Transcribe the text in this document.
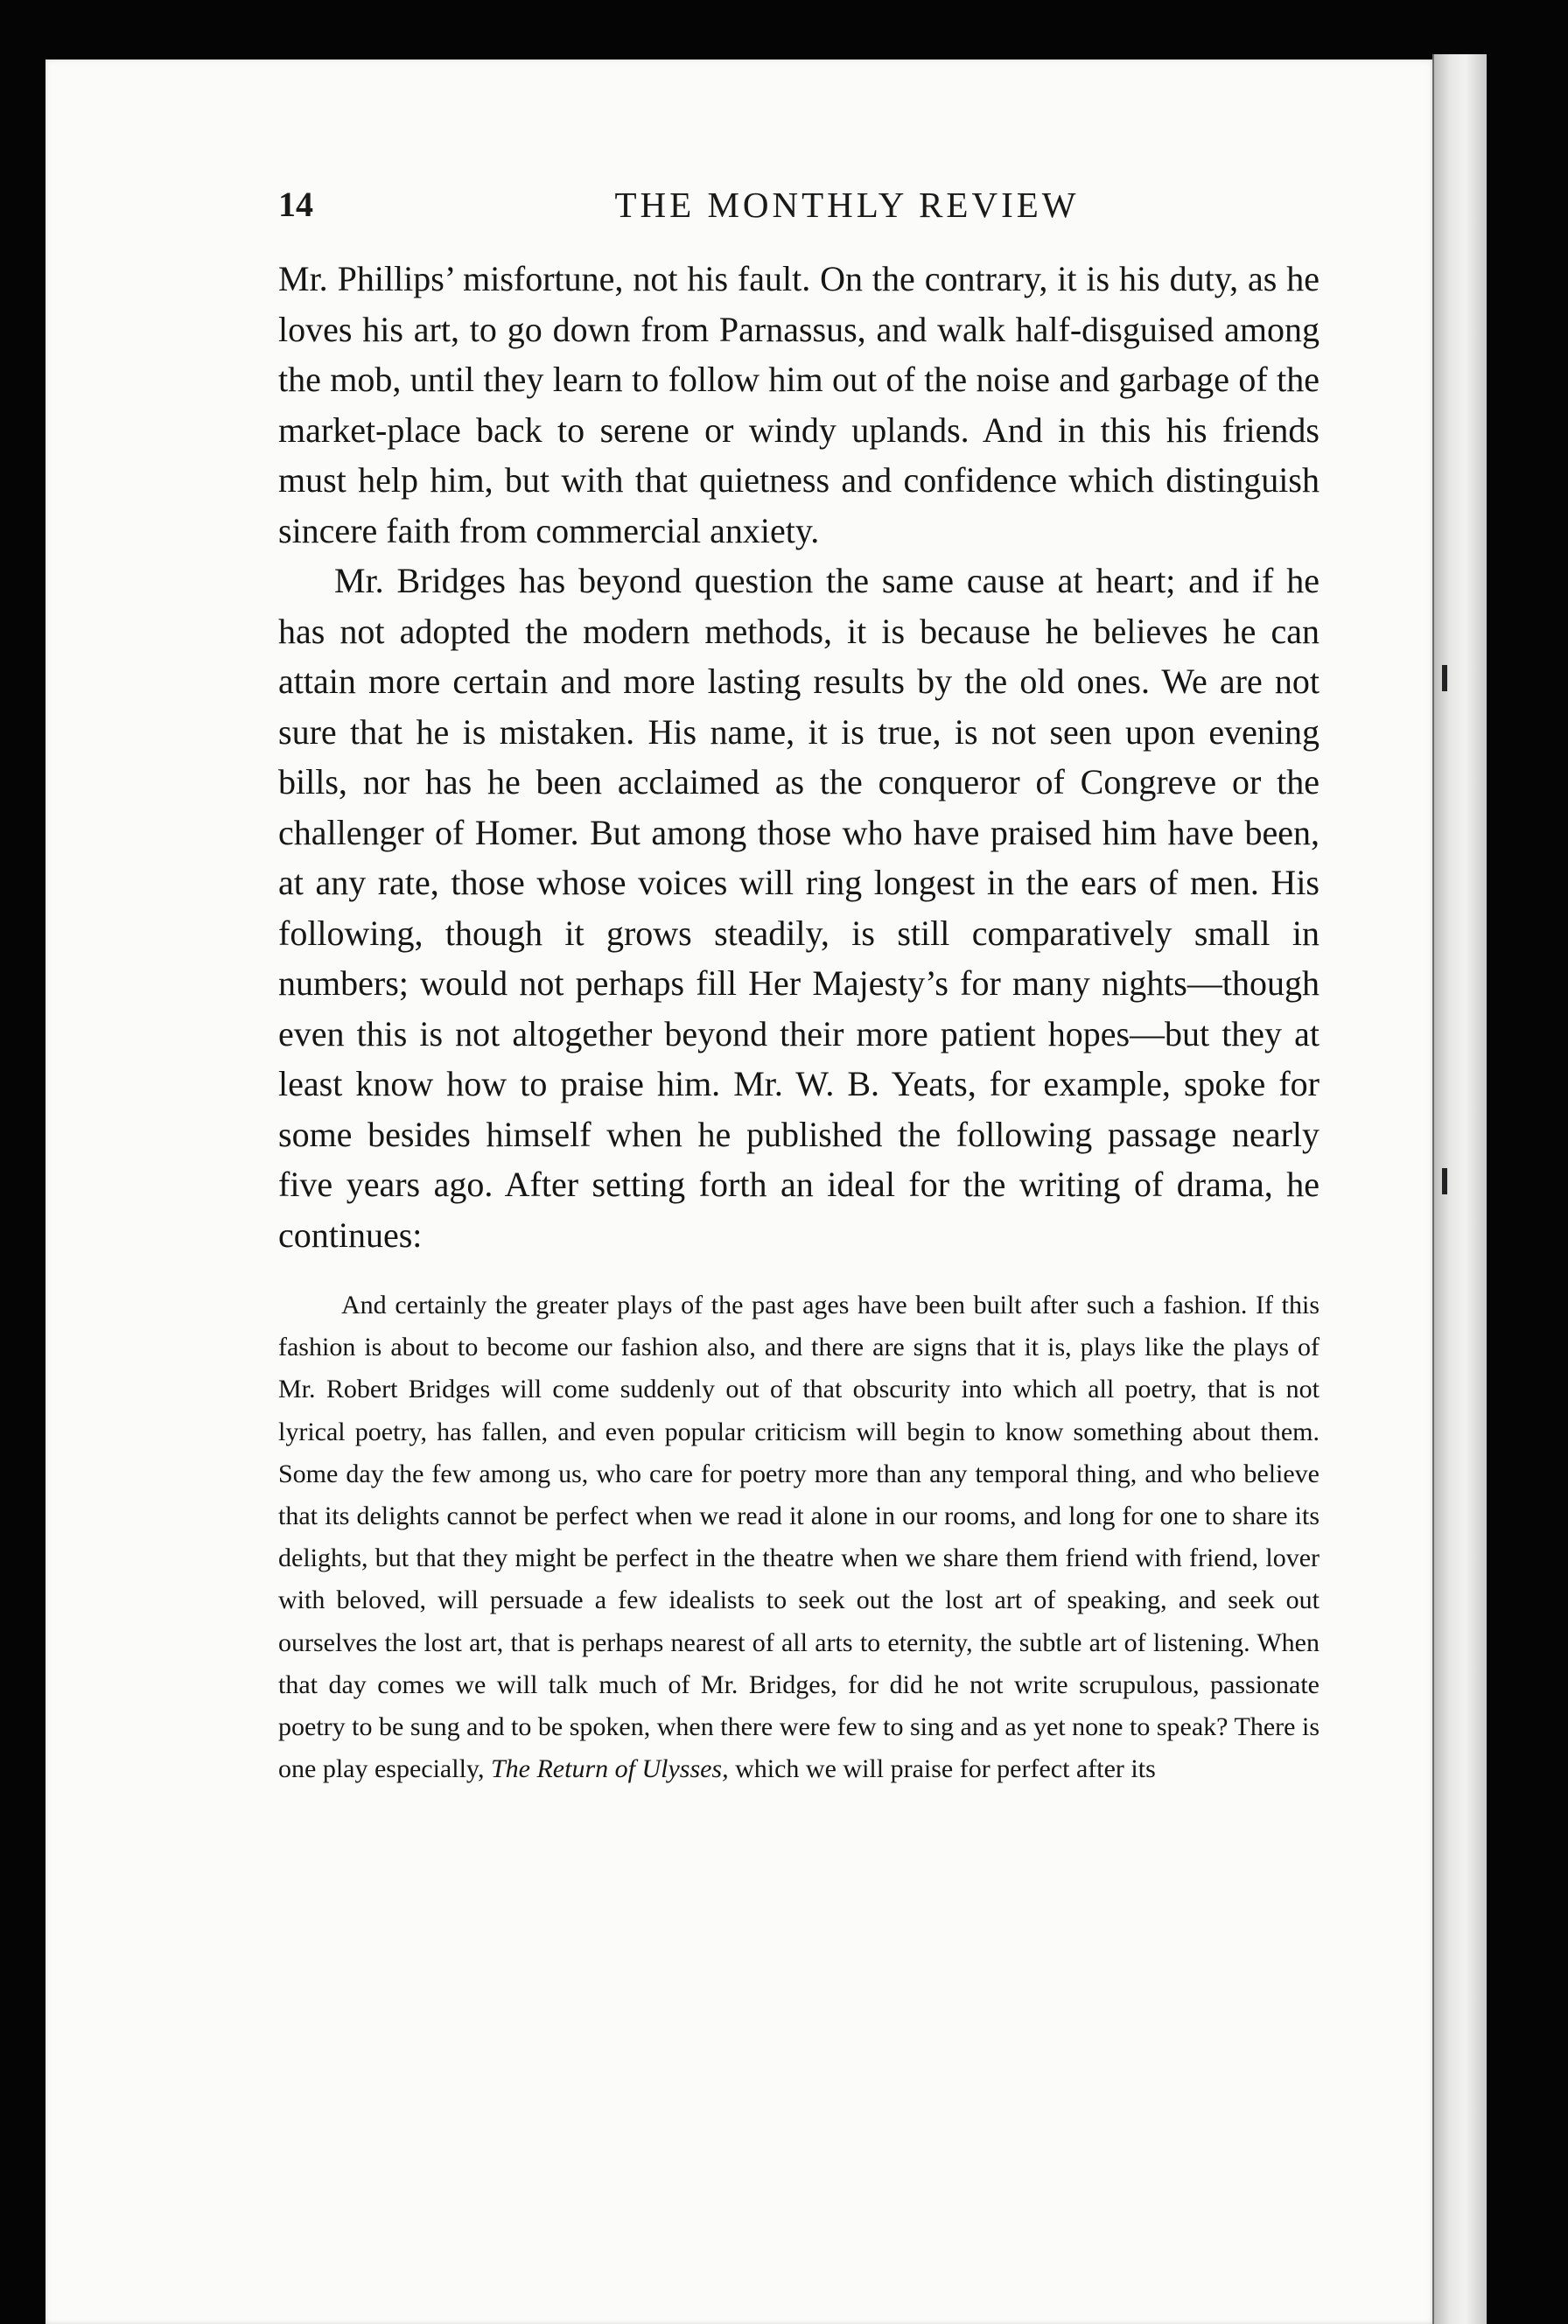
14	THE MONTHLY REVIEW

Mr. Phillips’ misfortune, not his fault. On the contrary, it is his duty, as he loves his art, to go down from Parnassus, and walk half-disguised among the mob, until they learn to follow him out of the noise and garbage of the market-place back to serene or windy uplands. And in this his friends must help him, but with that quietness and confidence which distinguish sincere faith from commercial anxiety.

Mr. Bridges has beyond question the same cause at heart; and if he has not adopted the modern methods, it is because he believes he can attain more certain and more lasting results by the old ones. We are not sure that he is mistaken. His name, it is true, is not seen upon evening bills, nor has he been acclaimed as the conqueror of Congreve or the challenger of Homer. But among those who have praised him have been, at any rate, those whose voices will ring longest in the ears of men. His following, though it grows steadily, is still comparatively small in numbers; would not perhaps fill Her Majesty’s for many nights—though even this is not altogether beyond their more patient hopes—but they at least know how to praise him. Mr. W. B. Yeats, for example, spoke for some besides himself when he published the following passage nearly five years ago. After setting forth an ideal for the writing of drama, he continues:

And certainly the greater plays of the past ages have been built after such a fashion. If this fashion is about to become our fashion also, and there are signs that it is, plays like the plays of Mr. Robert Bridges will come suddenly out of that obscurity into which all poetry, that is not lyrical poetry, has fallen, and even popular criticism will begin to know something about them. Some day the few among us, who care for poetry more than any temporal thing, and who believe that its delights cannot be perfect when we read it alone in our rooms, and long for one to share its delights, but that they might be perfect in the theatre when we share them friend with friend, lover with beloved, will persuade a few idealists to seek out the lost art of speaking, and seek out ourselves the lost art, that is perhaps nearest of all arts to eternity, the subtle art of listening. When that day comes we will talk much of Mr. Bridges, for did he not write scrupulous, passionate poetry to be sung and to be spoken, when there were few to sing and as yet none to speak? There is one play especially, The Return of Ulysses, which we will praise for perfect after its
